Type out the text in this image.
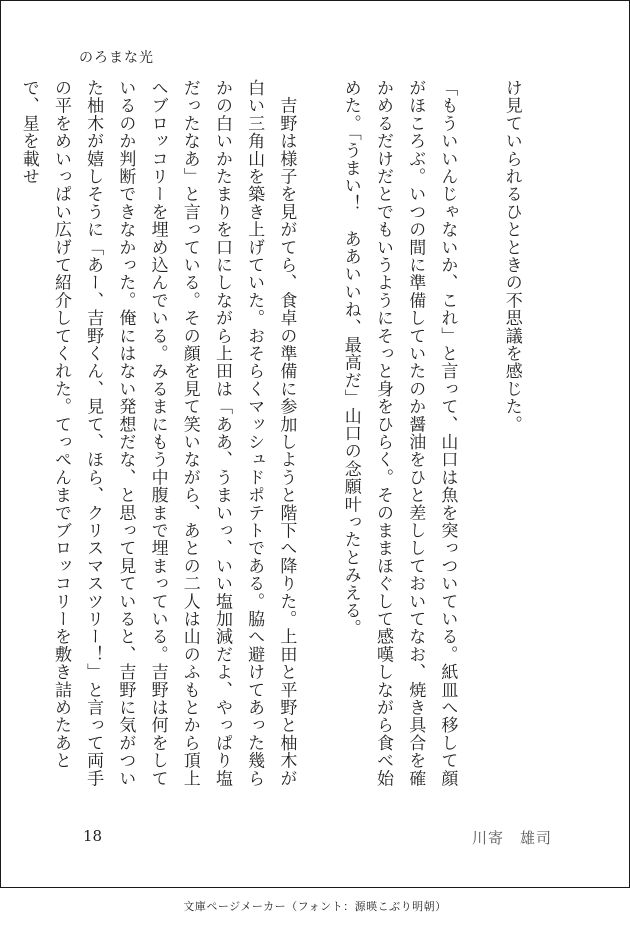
のろまな光

け見ていられるひとときの不思議を感じた。

「もういいんじゃないか、これ」と言って、山口は魚を突っついている。紙皿へ移して顔がほころぶ。いつの間に準備していたのか醤油をひと差ししておいてなお、焼き具合を確かめるだけだとでもいうようにそっと身をひらく。そのままほぐして感嘆しながら食べ始めた。「うまい！　ああいいね、最高だ」山口の念願叶ったとみえる。

　吉野は様子を見がてら、食卓の準備に参加しようと階下へ降りた。上田と平野と柚木が白い三角山を築き上げていた。おそらくマッシュドポテトである。脇へ避けてあった幾らかの白いかたまりを口にしながら上田は「ああ、うまいっ、いい塩加減だよ、やっぱり塩だったなあ」と言っている。その顔を見て笑いながら、あとの二人は山のふもとから頂上へブロッコリーを埋め込んでいる。みるまにもう中腹まで埋まっている。吉野は何をしているのか判断できなかった。俺にはない発想だな、と思って見ていると、吉野に気がついた柚木が嬉しそうに「あー、吉野くん、見て、ほら、クリスマスツリー！」と言って両手の平をめいっぱい広げて紹介してくれた。てっぺんまでブロッコリーを敷き詰めたあとで、星を載せ

18	川寄　雄司
文庫ページメーカー（フォント：源暎こぶり明朝）
